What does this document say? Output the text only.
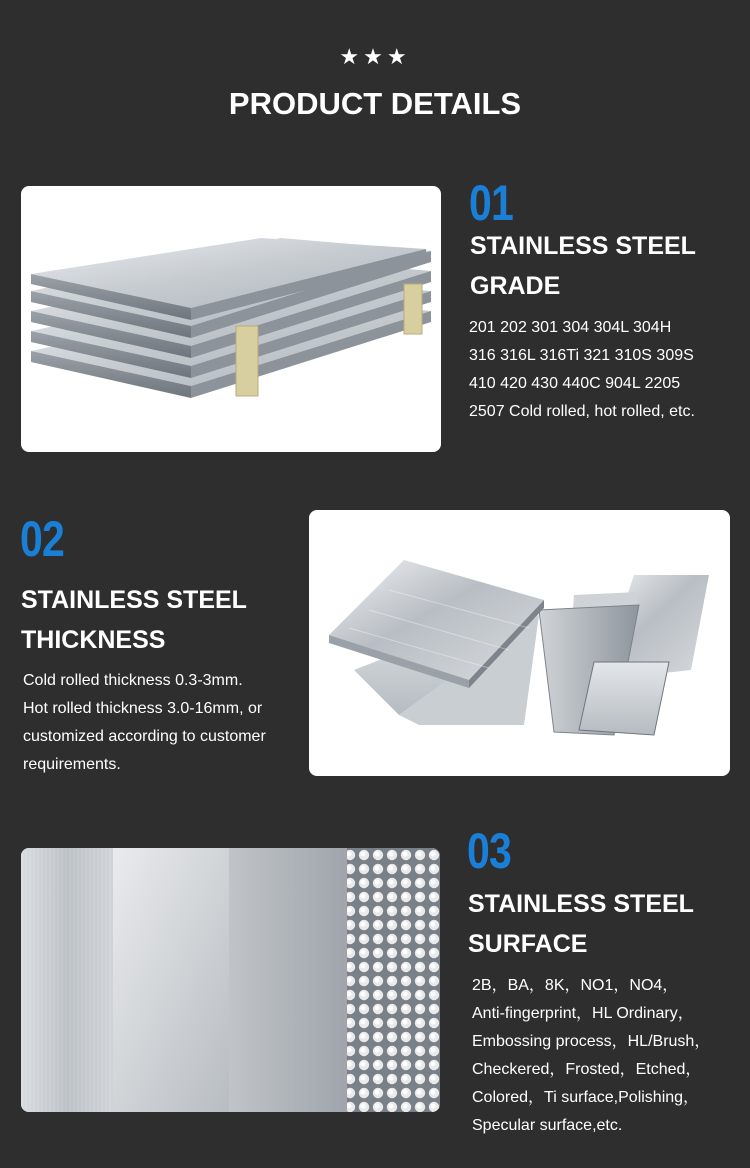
★★★
PRODUCT DETAILS
01
STAINLESS STEEL
GRADE

201 202 301 304 304L 304H

316 316L 316Ti 321 310S 309S

410 420 430 440C 904L 2205

2507 Cold rolled, hot rolled, etc.

02
STAINLESS STEEL
THICKNESS

Cold rolled thickness 0.3-3mm.

Hot rolled thickness 3.0-16mm, or

customized according to customer

requirements.

03
STAINLESS STEEL
SURFACE

2B，BA，8K，NO1，NO4，

Anti-fingerprint，HL Ordinary，

Embossing process，HL/Brush，

Checkered，Frosted，Etched，

Colored，Ti surface,Polishing，

Specular surface,etc.
